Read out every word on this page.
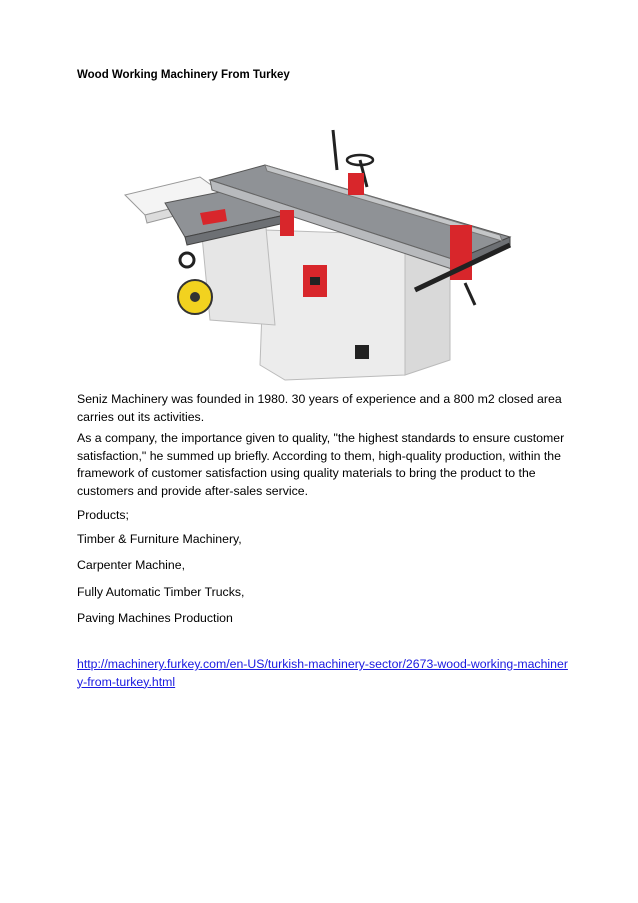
Wood Working Machinery From Turkey

Seniz Machinery was founded in 1980. 30 years of experience and a 800 m2 closed area carries out its activities.

As a company, the importance given to quality, "the highest standards to ensure customer satisfaction," he summed up briefly. According to them, high-quality production, within the framework of customer satisfaction using quality materials to bring the product to the customers and provide after-sales service.

Products;

Timber & Furniture Machinery,

Carpenter Machine,

Fully Automatic Timber Trucks,

Paving Machines Production

http://machinery.furkey.com/en-US/turkish-machinery-sector/2673-wood-working-machinery-from-turkey.html
